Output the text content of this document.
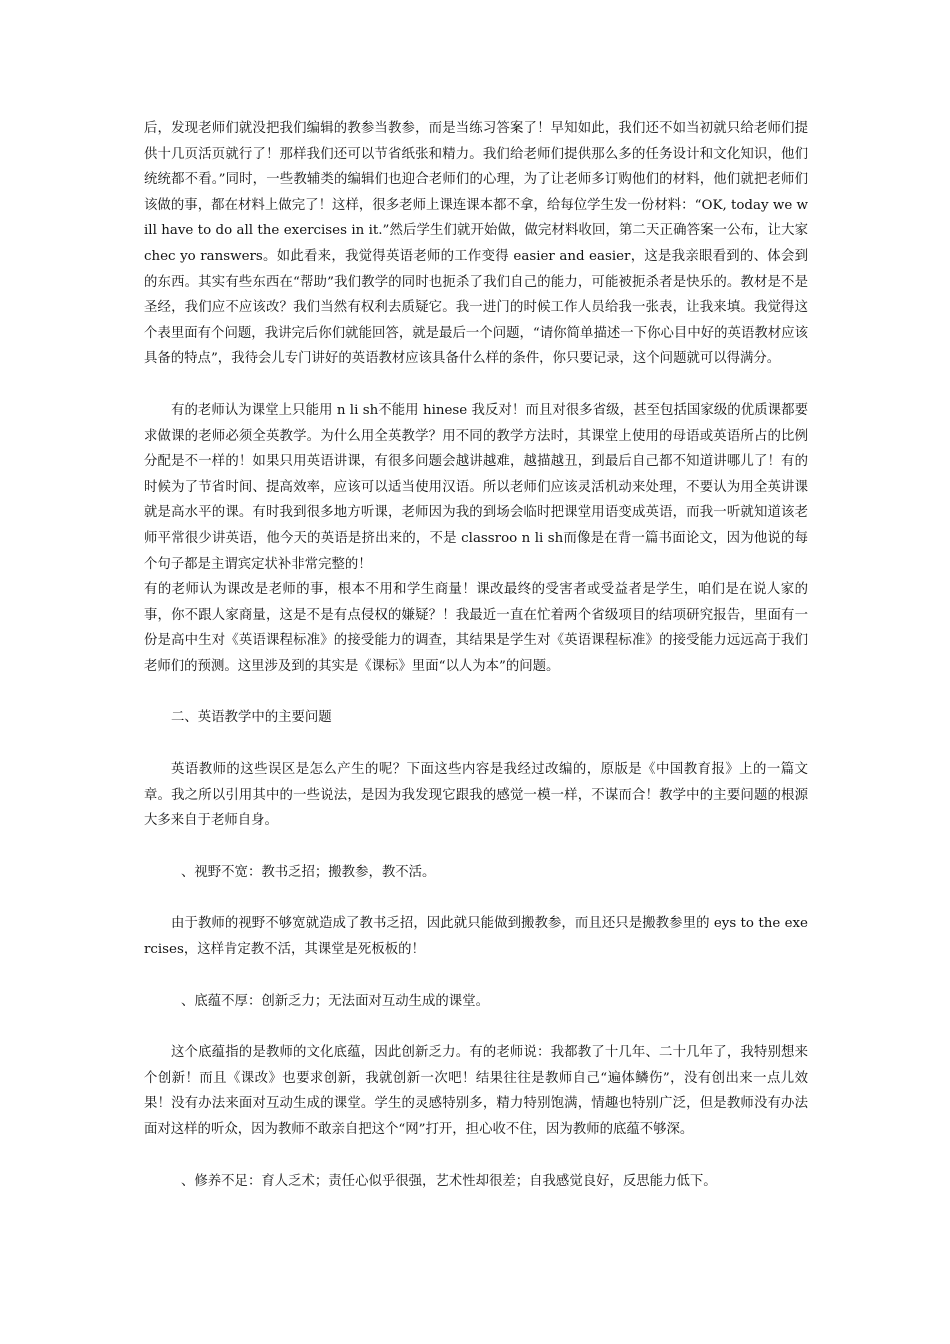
后，发现老师们就没把我们编辑的教参当教参，而是当练习答案了！早知如此，我们还不如当初就只给老师们提供十几页活页就行了！那样我们还可以节省纸张和精力。我们给老师们提供那么多的任务设计和文化知识，他们统统都不看。”同时，一些教辅类的编辑们也迎合老师们的心理，为了让老师多订购他们的材料，他们就把老师们该做的事，都在材料上做完了！这样，很多老师上课连课本都不拿，给每位学生发一份材料：“OK, today we will have to do all the exercises in it.”然后学生们就开始做，做完材料收回，第二天正确答案一公布，让大家 chec yo ranswers。如此看来，我觉得英语老师的工作变得 easier and easier，这是我亲眼看到的、体会到的东西。其实有些东西在“帮助”我们教学的同时也扼杀了我们自己的能力，可能被扼杀者是快乐的。教材是不是圣经，我们应不应该改？我们当然有权利去质疑它。我一进门的时候工作人员给我一张表，让我来填。我觉得这个表里面有个问题，我讲完后你们就能回答，就是最后一个问题，“请你简单描述一下你心目中好的英语教材应该具备的特点”，我待会儿专门讲好的英语教材应该具备什么样的条件，你只要记录，这个问题就可以得满分。

有的老师认为课堂上只能用 n li sh不能用 hinese 我反对！而且对很多省级，甚至包括国家级的优质课都要求做课的老师必须全英教学。为什么用全英教学？用不同的教学方法时，其课堂上使用的母语或英语所占的比例分配是不一样的！如果只用英语讲课，有很多问题会越讲越难，越描越丑，到最后自己都不知道讲哪儿了！有的时候为了节省时间、提高效率，应该可以适当使用汉语。所以老师们应该灵活机动来处理，不要认为用全英讲课就是高水平的课。有时我到很多地方听课，老师因为我的到场会临时把课堂用语变成英语，而我一听就知道该老师平常很少讲英语，他今天的英语是挤出来的，不是 classroo n li sh而像是在背一篇书面论文，因为他说的每个句子都是主谓宾定状补非常完整的！

有的老师认为课改是老师的事，根本不用和学生商量！课改最终的受害者或受益者是学生，咱们是在说人家的事，你不跟人家商量，这是不是有点侵权的嫌疑？！我最近一直在忙着两个省级项目的结项研究报告，里面有一份是高中生对《英语课程标准》的接受能力的调查，其结果是学生对《英语课程标准》的接受能力远远高于我们老师们的预测。这里涉及到的其实是《课标》里面“以人为本”的问题。

二、英语教学中的主要问题

英语教师的这些误区是怎么产生的呢？下面这些内容是我经过改编的，原版是《中国教育报》上的一篇文章。我之所以引用其中的一些说法，是因为我发现它跟我的感觉一模一样，不谋而合！教学中的主要问题的根源大多来自于老师自身。

、视野不宽：教书乏招；搬教参，教不活。

由于教师的视野不够宽就造成了教书乏招，因此就只能做到搬教参，而且还只是搬教参里的 eys to the exercises，这样肯定教不活，其课堂是死板板的！

、底蕴不厚：创新乏力；无法面对互动生成的课堂。

这个底蕴指的是教师的文化底蕴，因此创新乏力。有的老师说：我都教了十几年、二十几年了，我特别想来个创新！而且《课改》也要求创新，我就创新一次吧！结果往往是教师自己“遍体鳞伤”，没有创出来一点儿效果！没有办法来面对互动生成的课堂。学生的灵感特别多，精力特别饱满，情趣也特别广泛，但是教师没有办法面对这样的听众，因为教师不敢亲自把这个“网”打开，担心收不住，因为教师的底蕴不够深。

、修养不足：育人乏术；责任心似乎很强，艺术性却很差；自我感觉良好，反思能力低下。
